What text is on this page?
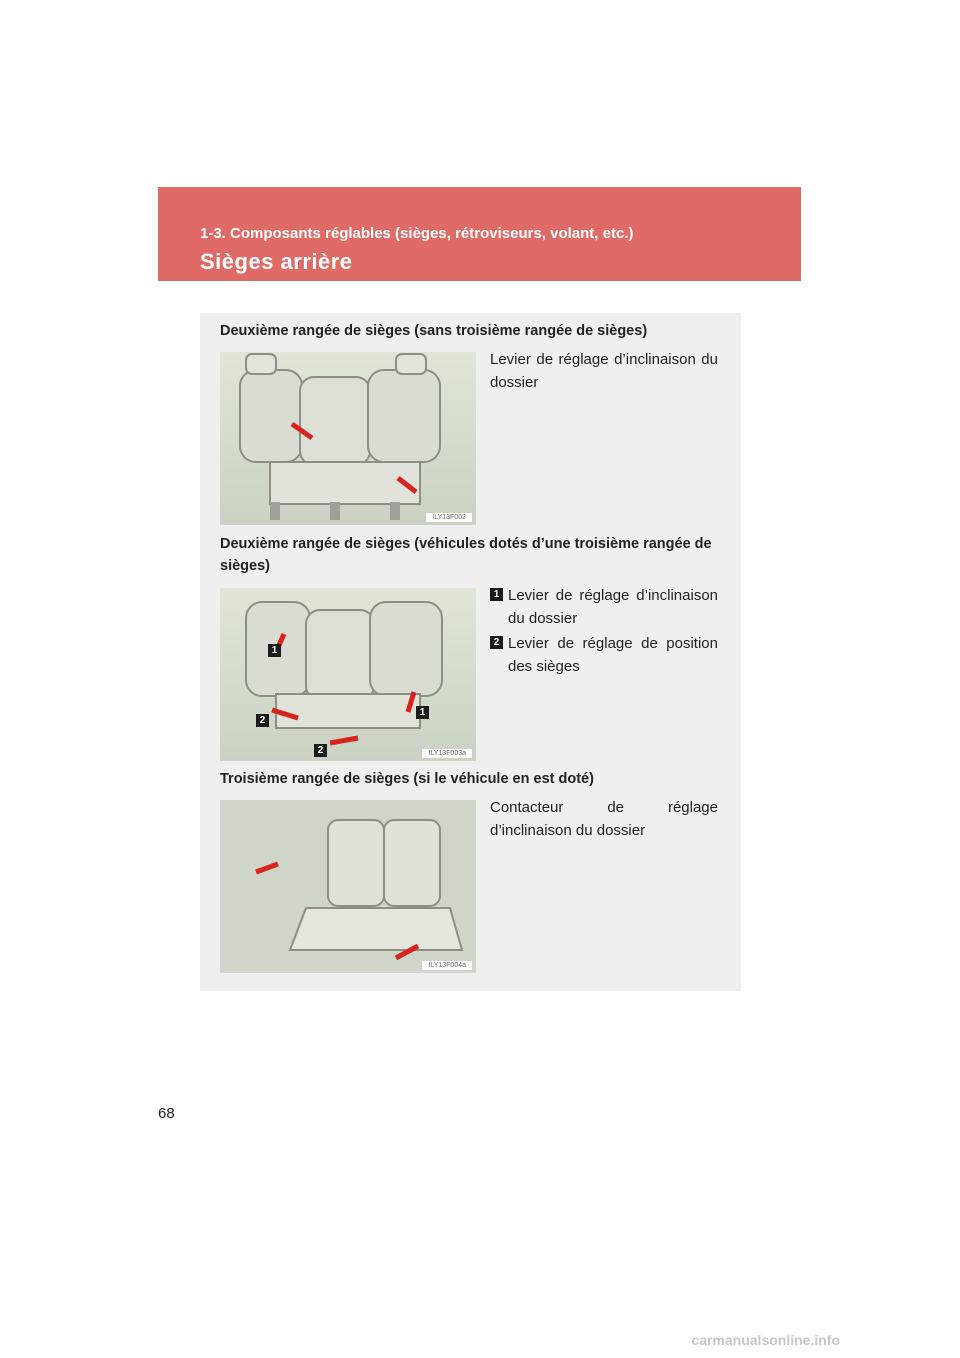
1-3. Composants réglables (sièges, rétroviseurs, volant, etc.)
Sièges arrière
Deuxième rangée de sièges (sans troisième rangée de sièges)
ILY13F002
Levier de réglage d’inclinaison du dossier
Deuxième rangée de sièges (véhicules dotés d’une troisième rangée de sièges)
1
1
2
2	ILY13F003a
1 Levier de réglage d’inclinaison du dossier
2 Levier de réglage de position des sièges
Troisième rangée de sièges (si le véhicule en est doté)
ILY13F004a
Contacteur de réglage d’inclinaison du dossier
68
carmanualsonline.info
